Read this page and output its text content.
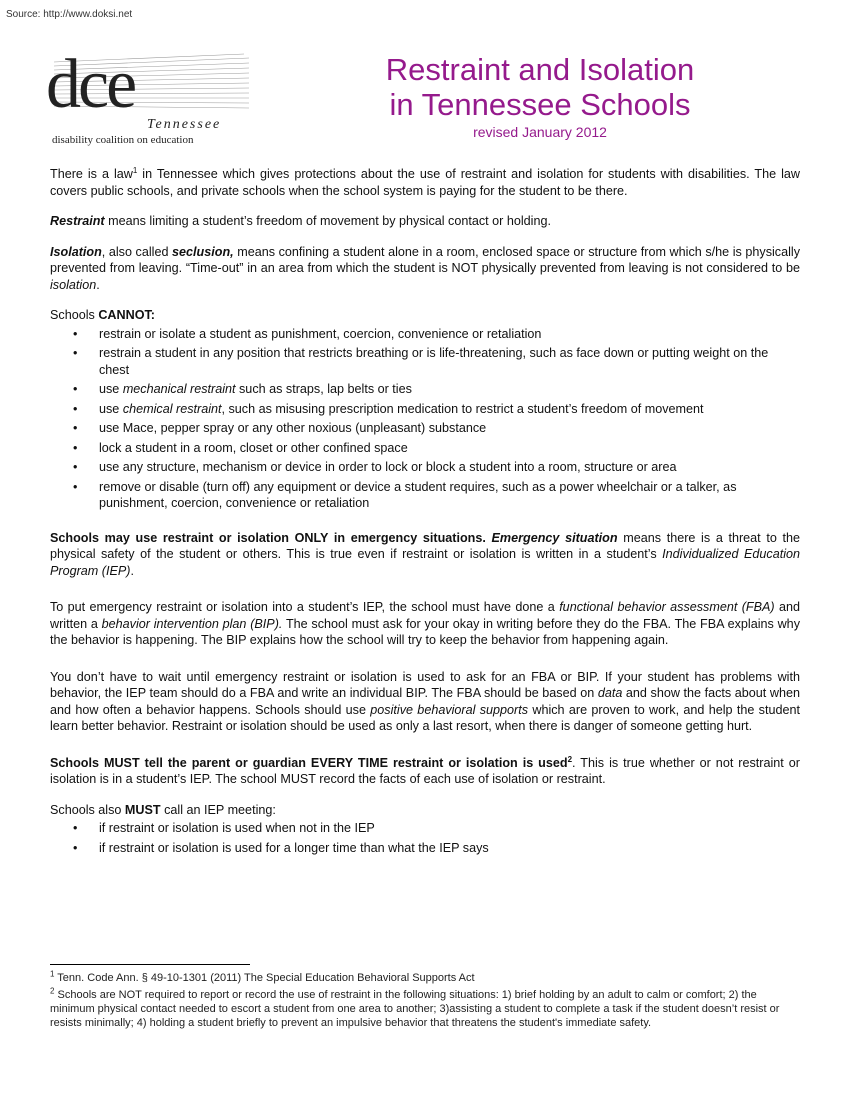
Source: http://www.doksi.net
dce
Tennessee
disability coalition on education
Restraint and Isolation
in Tennessee Schools
revised January 2012

There is a law$^1$ in Tennessee which gives protections about the use of restraint and isolation for students with disabilities. The law covers public schools, and private schools when the school system is paying for the student to be there.

Restraint means limiting a student’s freedom of movement by physical contact or holding.

Isolation, also called seclusion, means confining a student alone in a room, enclosed space or structure from which s/he is physically prevented from leaving. “Time-out” in an area from which the student is NOT physically prevented from leaving is not considered to be isolation.

Schools CANNOT:
• restrain or isolate a student as punishment, coercion, convenience or retaliation
• restrain a student in any position that restricts breathing or is life-threatening, such as face down or putting weight on the chest
• use mechanical restraint such as straps, lap belts or ties
• use chemical restraint, such as misusing prescription medication to restrict a student’s freedom of movement
• use Mace, pepper spray or any other noxious (unpleasant) substance
• lock a student in a room, closet or other confined space
• use any structure, mechanism or device in order to lock or block a student into a room, structure or area
• remove or disable (turn off) any equipment or device a student requires, such as a power wheelchair or a talker, as punishment, coercion, convenience or retaliation

Schools may use restraint or isolation ONLY in emergency situations. Emergency situation means there is a threat to the physical safety of the student or others. This is true even if restraint or isolation is written in a student’s Individualized Education Program (IEP).

To put emergency restraint or isolation into a student’s IEP, the school must have done a functional behavior assessment (FBA) and written a behavior intervention plan (BIP). The school must ask for your okay in writing before they do the FBA. The FBA explains why the behavior is happening. The BIP explains how the school will try to keep the behavior from happening again.

You don’t have to wait until emergency restraint or isolation is used to ask for an FBA or BIP. If your student has problems with behavior, the IEP team should do a FBA and write an individual BIP. The FBA should be based on data and show the facts about when and how often a behavior happens. Schools should use positive behavioral supports which are proven to work, and help the student learn better behavior. Restraint or isolation should be used as only a last resort, when there is danger of someone getting hurt.

Schools MUST tell the parent or guardian EVERY TIME restraint or isolation is used$^2$. This is true whether or not restraint or isolation is in a student’s IEP. The school MUST record the facts of each use of isolation or restraint.

Schools also MUST call an IEP meeting:
• if restraint or isolation is used when not in the IEP
• if restraint or isolation is used for a longer time than what the IEP says

$^1$ Tenn. Code Ann. § 49-10-1301 (2011) The Special Education Behavioral Supports Act

$^2$ Schools are NOT required to report or record the use of restraint in the following situations: 1) brief holding by an adult to calm or comfort; 2) the minimum physical contact needed to escort a student from one area to another; 3)assisting a student to complete a task if the student doesn’t resist or resists minimally; 4) holding a student briefly to prevent an impulsive behavior that threatens the student's immediate safety.
